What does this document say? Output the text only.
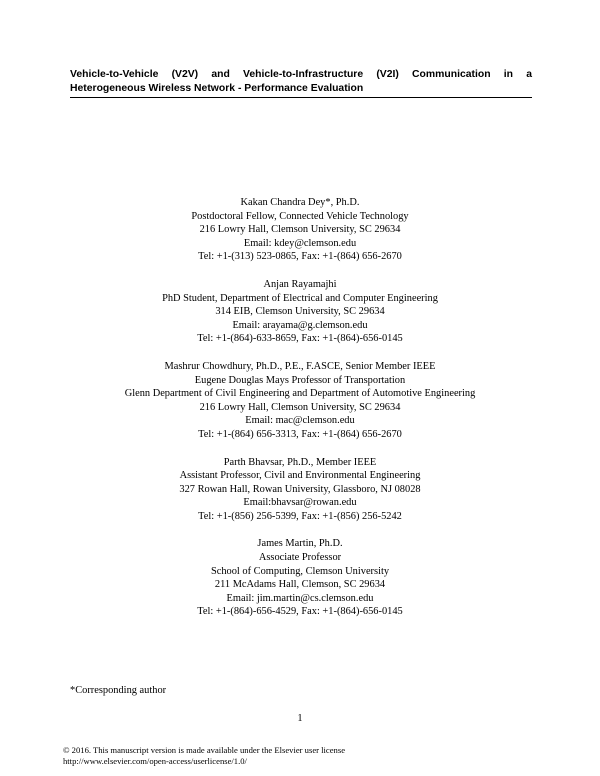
Vehicle-to-Vehicle (V2V) and Vehicle-to-Infrastructure (V2I) Communication in a
Heterogeneous Wireless Network - Performance Evaluation
Kakan Chandra Dey*, Ph.D.
Postdoctoral Fellow, Connected Vehicle Technology
216 Lowry Hall, Clemson University, SC 29634
Email: kdey@clemson.edu
Tel: +1-(313) 523-0865, Fax: +1-(864) 656-2670
Anjan Rayamajhi
PhD Student, Department of Electrical and Computer Engineering
314 EIB, Clemson University, SC 29634
Email: arayama@g.clemson.edu
Tel: +1-(864)-633-8659, Fax: +1-(864)-656-0145
Mashrur Chowdhury, Ph.D., P.E., F.ASCE, Senior Member IEEE
Eugene Douglas Mays Professor of Transportation
Glenn Department of Civil Engineering and Department of Automotive Engineering
216 Lowry Hall, Clemson University, SC 29634
Email: mac@clemson.edu
Tel: +1-(864) 656-3313, Fax: +1-(864) 656-2670
Parth Bhavsar, Ph.D., Member IEEE
Assistant Professor, Civil and Environmental Engineering
327 Rowan Hall, Rowan University, Glassboro, NJ 08028
Email:bhavsar@rowan.edu
Tel: +1-(856) 256-5399, Fax: +1-(856) 256-5242
James Martin, Ph.D.
Associate Professor
School of Computing, Clemson University
211 McAdams Hall, Clemson, SC 29634
Email: jim.martin@cs.clemson.edu
Tel: +1-(864)-656-4529, Fax: +1-(864)-656-0145
*Corresponding author
1
© 2016. This manuscript version is made available under the Elsevier user license
http://www.elsevier.com/open-access/userlicense/1.0/
